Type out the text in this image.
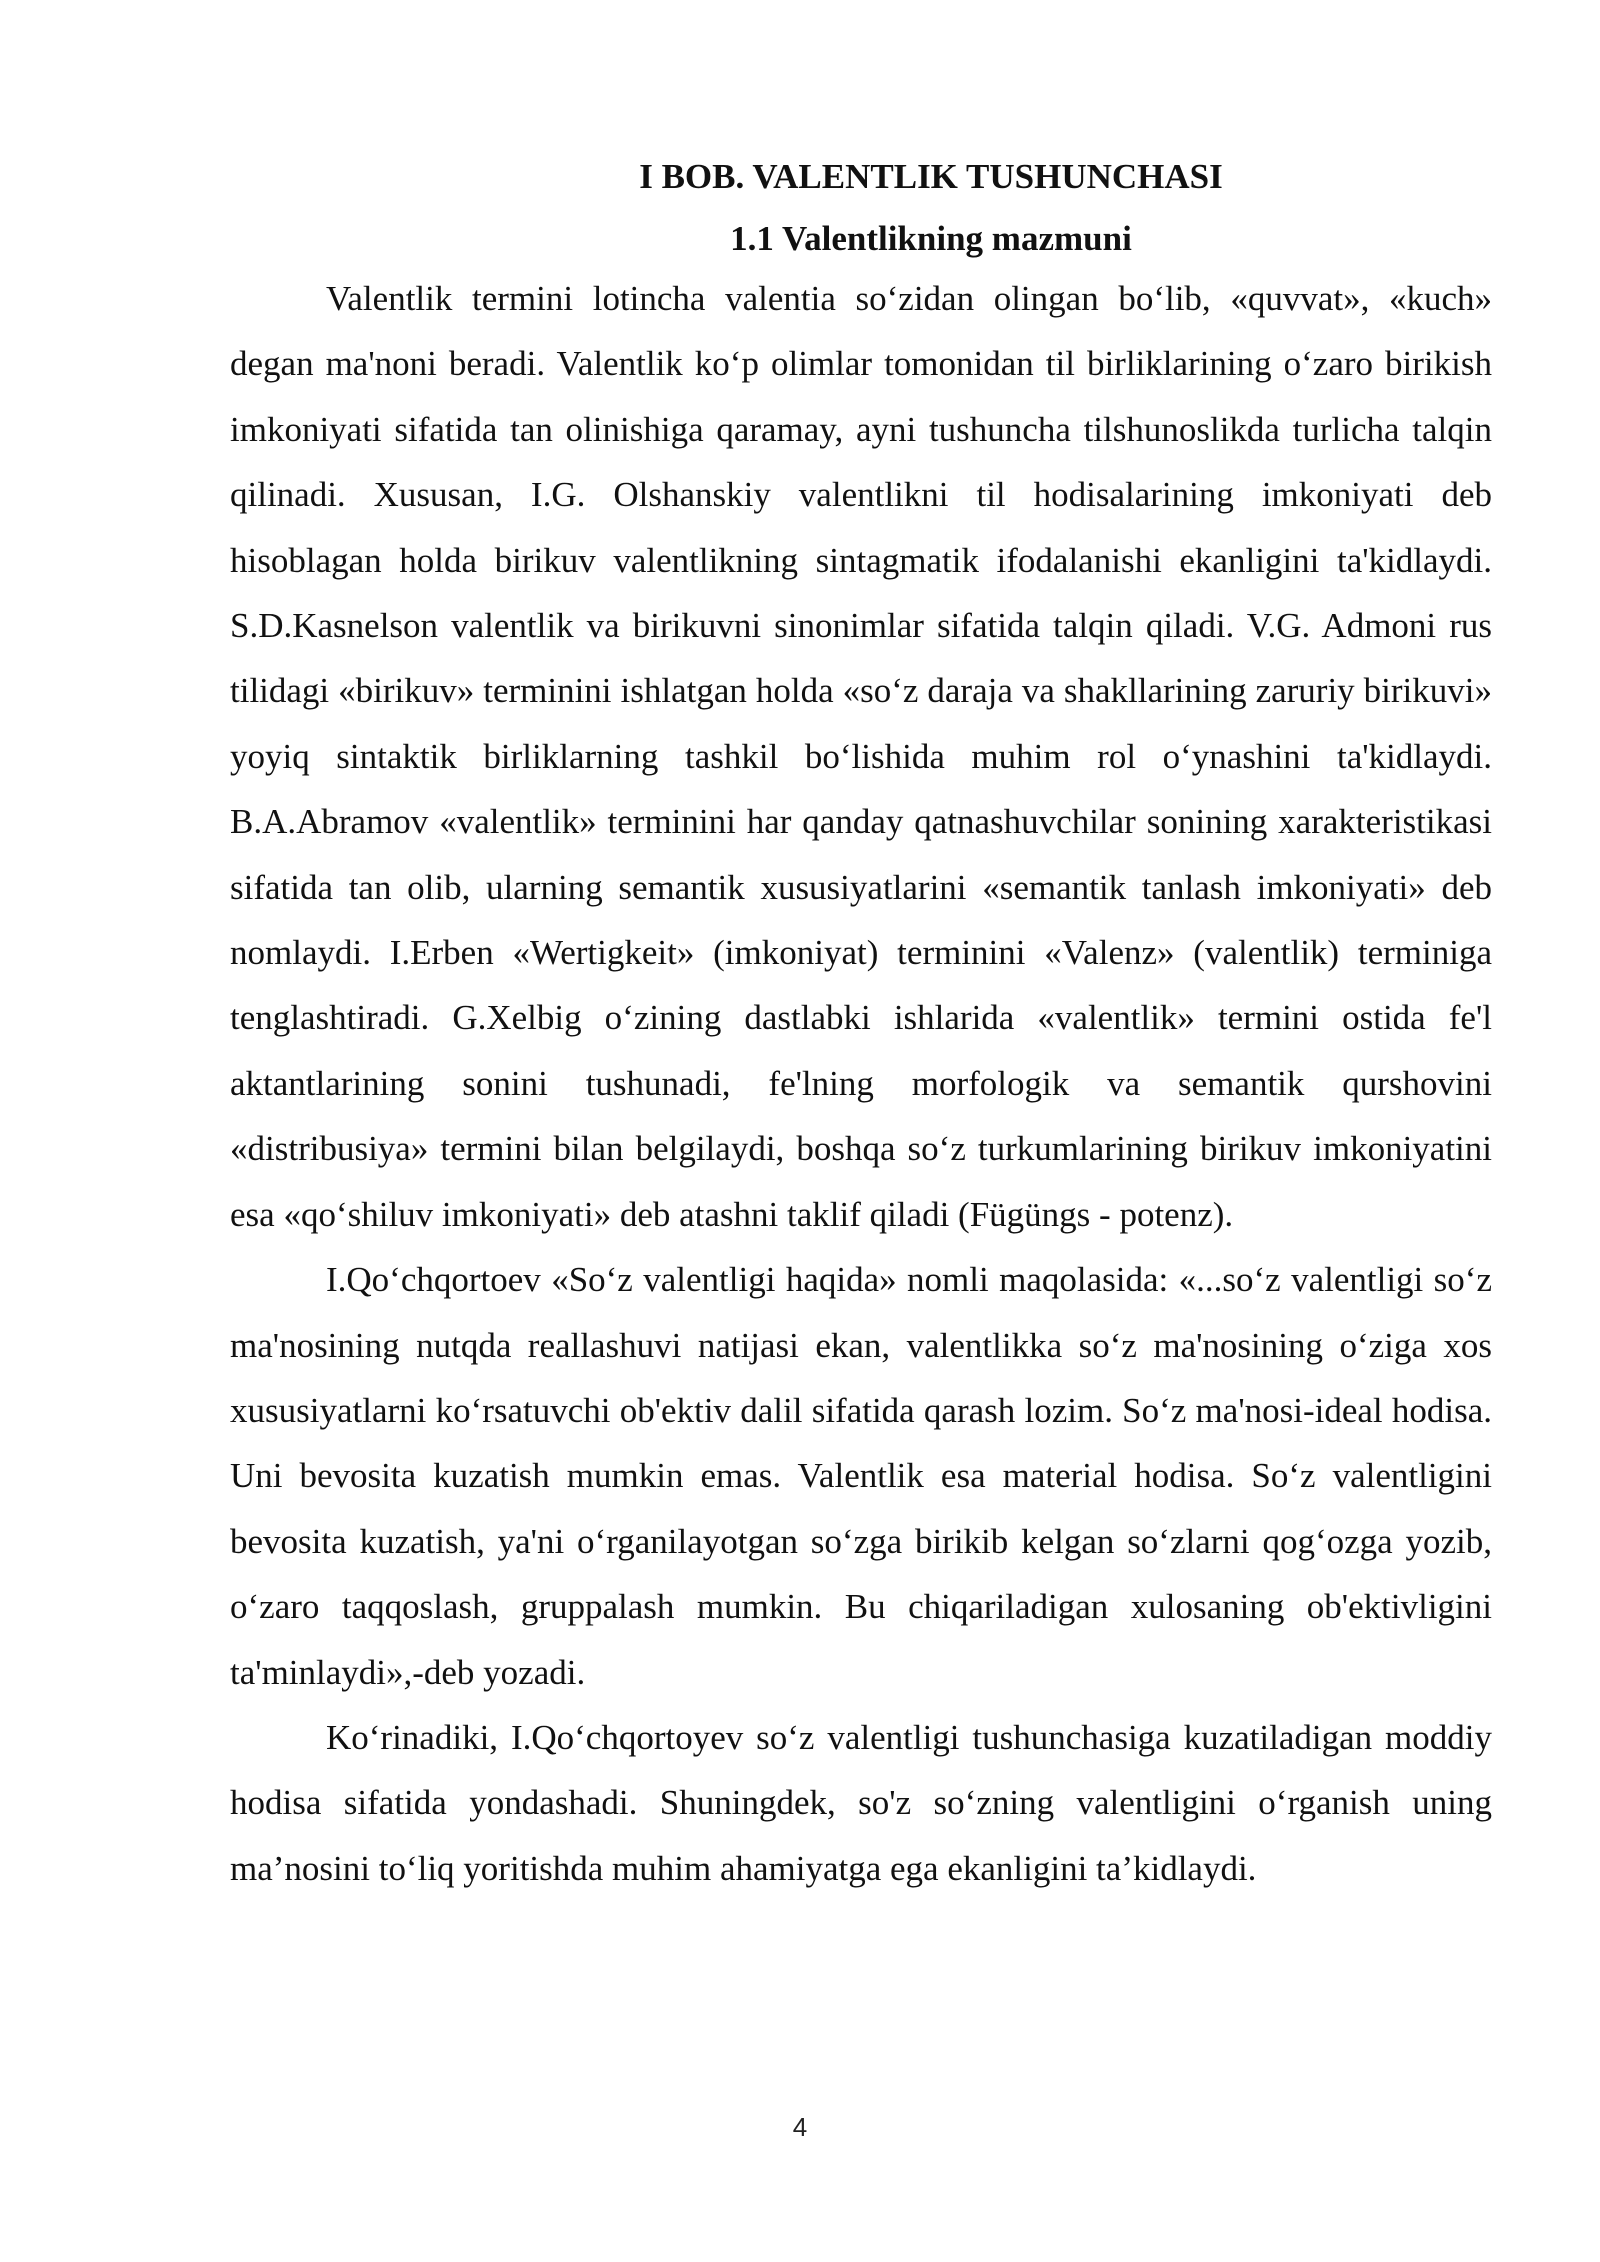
I BOB. VALENTLIK TUSHUNCHASI
1.1 Valentlikning mazmuni

Valentlik termini lotincha valentia so‘zidan olingan bo‘lib, «quvvat», «kuch» degan ma'noni beradi. Valentlik ko‘p olimlar tomonidan til birliklarining o‘zaro birikish imkoniyati sifatida tan olinishiga qaramay, ayni tushuncha tilshunoslikda turlicha talqin qilinadi. Xususan, I.G. Olshanskiy valentlikni til hodisalarining imkoniyati deb hisoblagan holda birikuv valentlikning sintagmatik ifodalanishi ekanligini ta'kidlaydi. S.D.Kasnelson valentlik va birikuvni sinonimlar sifatida talqin qiladi. V.G. Admoni rus tilidagi «birikuv» terminini ishlatgan holda «so‘z daraja va shakllarining zaruriy birikuvi» yoyiq sintaktik birliklarning tashkil bo‘lishida muhim rol o‘ynashini ta'kidlaydi. B.A.Abramov «valentlik» terminini har qanday qatnashuvchilar sonining xarakteristikasi sifatida tan olib, ularning semantik xususiyatlarini «semantik tanlash imkoniyati» deb nomlaydi. I.Erben «Wertigkeit» (imkoniyat) terminini «Valenz» (valentlik) terminiga tenglashtiradi. G.Xelbig o‘zining dastlabki ishlarida «valentlik» termini ostida fe'l aktantlarining sonini tushunadi, fe'lning morfologik va semantik qurshovini «distribusiya» termini bilan belgilaydi, boshqa so‘z turkumlarining birikuv imkoniyatini esa «qo‘shiluv imkoniyati» deb atashni taklif qiladi (Fügüngs - potenz).

I.Qo‘chqortoev «So‘z valentligi haqida» nomli maqolasida: «...so‘z valentligi so‘z ma'nosining nutqda reallashuvi natijasi ekan, valentlikka so‘z ma'nosining o‘ziga xos xususiyatlarni ko‘rsatuvchi ob'ektiv dalil sifatida qarash lozim. So‘z ma'nosi-ideal hodisa. Uni bevosita kuzatish mumkin emas. Valentlik esa material hodisa. So‘z valentligini bevosita kuzatish, ya'ni o‘rganilayotgan so‘zga birikib kelgan so‘zlarni qog‘ozga yozib, o‘zaro taqqoslash, gruppalash mumkin. Bu chiqariladigan xulosaning ob'ektivligini ta'minlaydi»,-deb yozadi.

Ko‘rinadiki, I.Qo‘chqortoyev so‘z valentligi tushunchasiga kuzatiladigan moddiy hodisa sifatida yondashadi. Shuningdek, so'z so‘zning valentligini o‘rganish uning ma’nosini to‘liq yoritishda muhim ahamiyatga ega ekanligini ta’kidlaydi.

4
